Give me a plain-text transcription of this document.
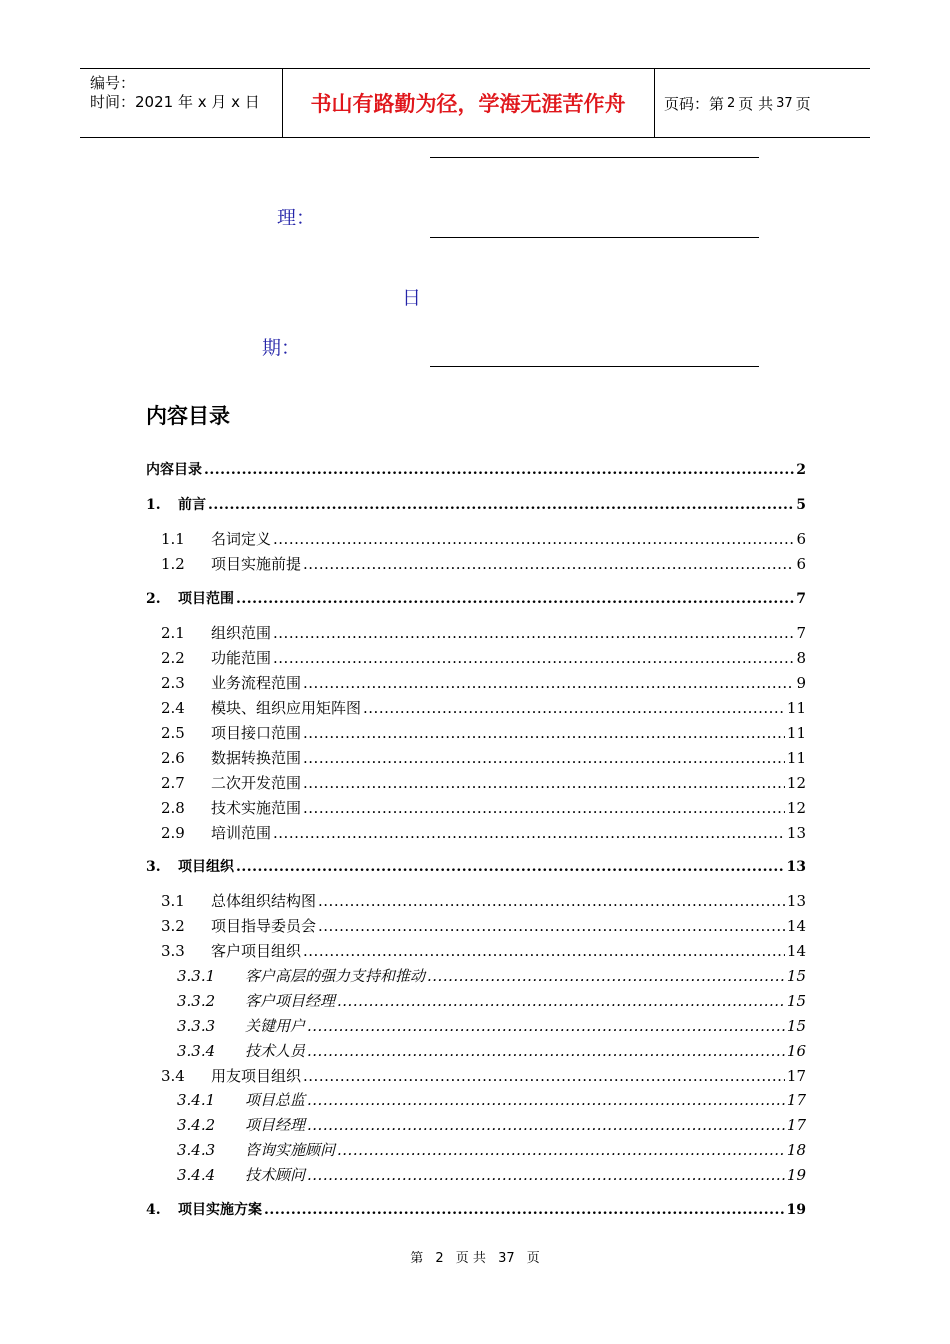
编号：
时间：2021 年 x 月 x 日	书山有路勤为径，学海无涯苦作舟	页码：第 2 页 共 37 页
理：
日
期：
内容目录
内容目录 .....	2
1.	前言 .....	5
1.1	名词定义 .....	6
1.2	项目实施前提 .....	6
2.	项目范围 .....	7
2.1	组织范围 .....	7
2.2	功能范围 .....	8
2.3	业务流程范围 .....	9
2.4	模块、组织应用矩阵图 .....	11
2.5	项目接口范围 .....	11
2.6	数据转换范围 .....	11
2.7	二次开发范围 .....	12
2.8	技术实施范围 .....	12
2.9	培训范围 .....	13
3.	项目组织 .....	13
3.1	总体组织结构图 .....	13
3.2	项目指导委员会 .....	14
3.3	客户项目组织 .....	14
3.3.1	客户高层的强力支持和推动 .....	15
3.3.2	客户项目经理 .....	15
3.3.3	关键用户 .....	15
3.3.4	技术人员 .....	16
3.4	用友项目组织 .....	17
3.4.1	项目总监 .....	17
3.4.2	项目经理 .....	17
3.4.3	咨询实施顾问 .....	18
3.4.4	技术顾问 .....	19
4.	项目实施方案 .....	19
第 2 页 共 37 页
